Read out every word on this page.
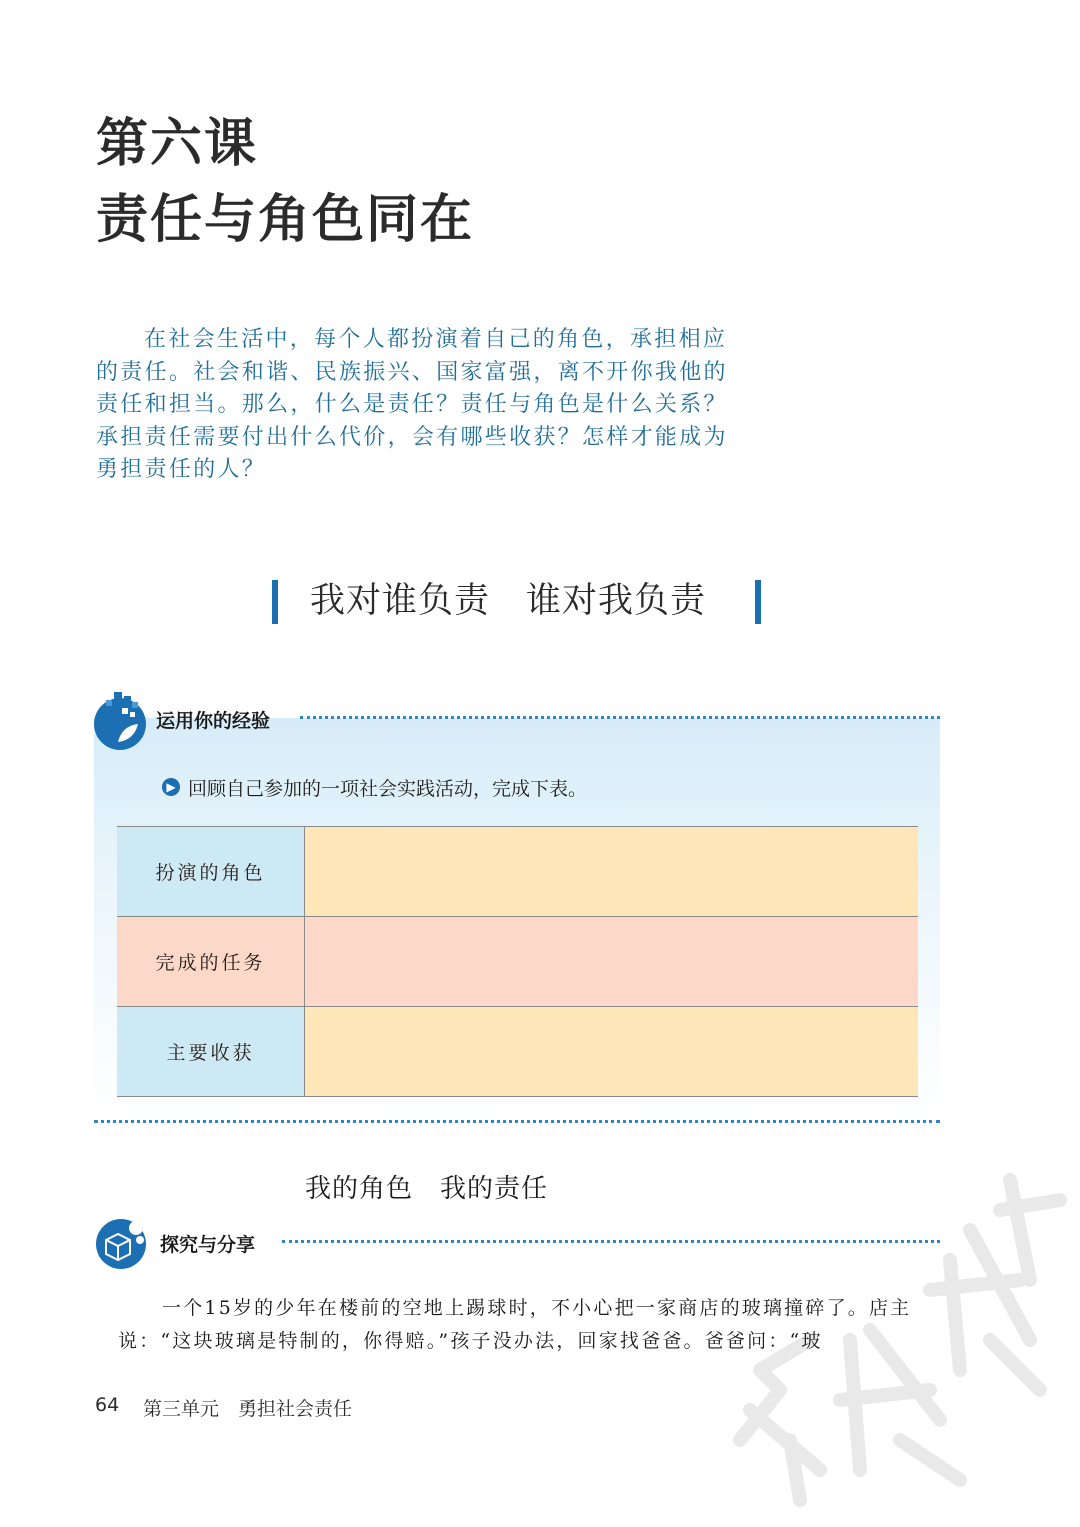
第六课
责任与角色同在

在社会生活中，每个人都扮演着自己的角色，承担相应的责任。社会和谐、民族振兴、国家富强，离不开你我他的责任和担当。那么，什么是责任？责任与角色是什么关系？承担责任需要付出什么代价，会有哪些收获？怎样才能成为勇担责任的人？

我对谁负责　谁对我负责
运用你的经验
▶ 回顾自己参加的一项社会实践活动，完成下表。
扮演的角色	
完成的任务	
主要收获	
我的角色　我的责任
探究与分享

一个15岁的少年在楼前的空地上踢球时，不小心把一家商店的玻璃撞碎了。店主说：“这块玻璃是特制的，你得赔。”孩子没办法，回家找爸爸。爸爸问：“玻

64 第三单元　勇担社会责任
